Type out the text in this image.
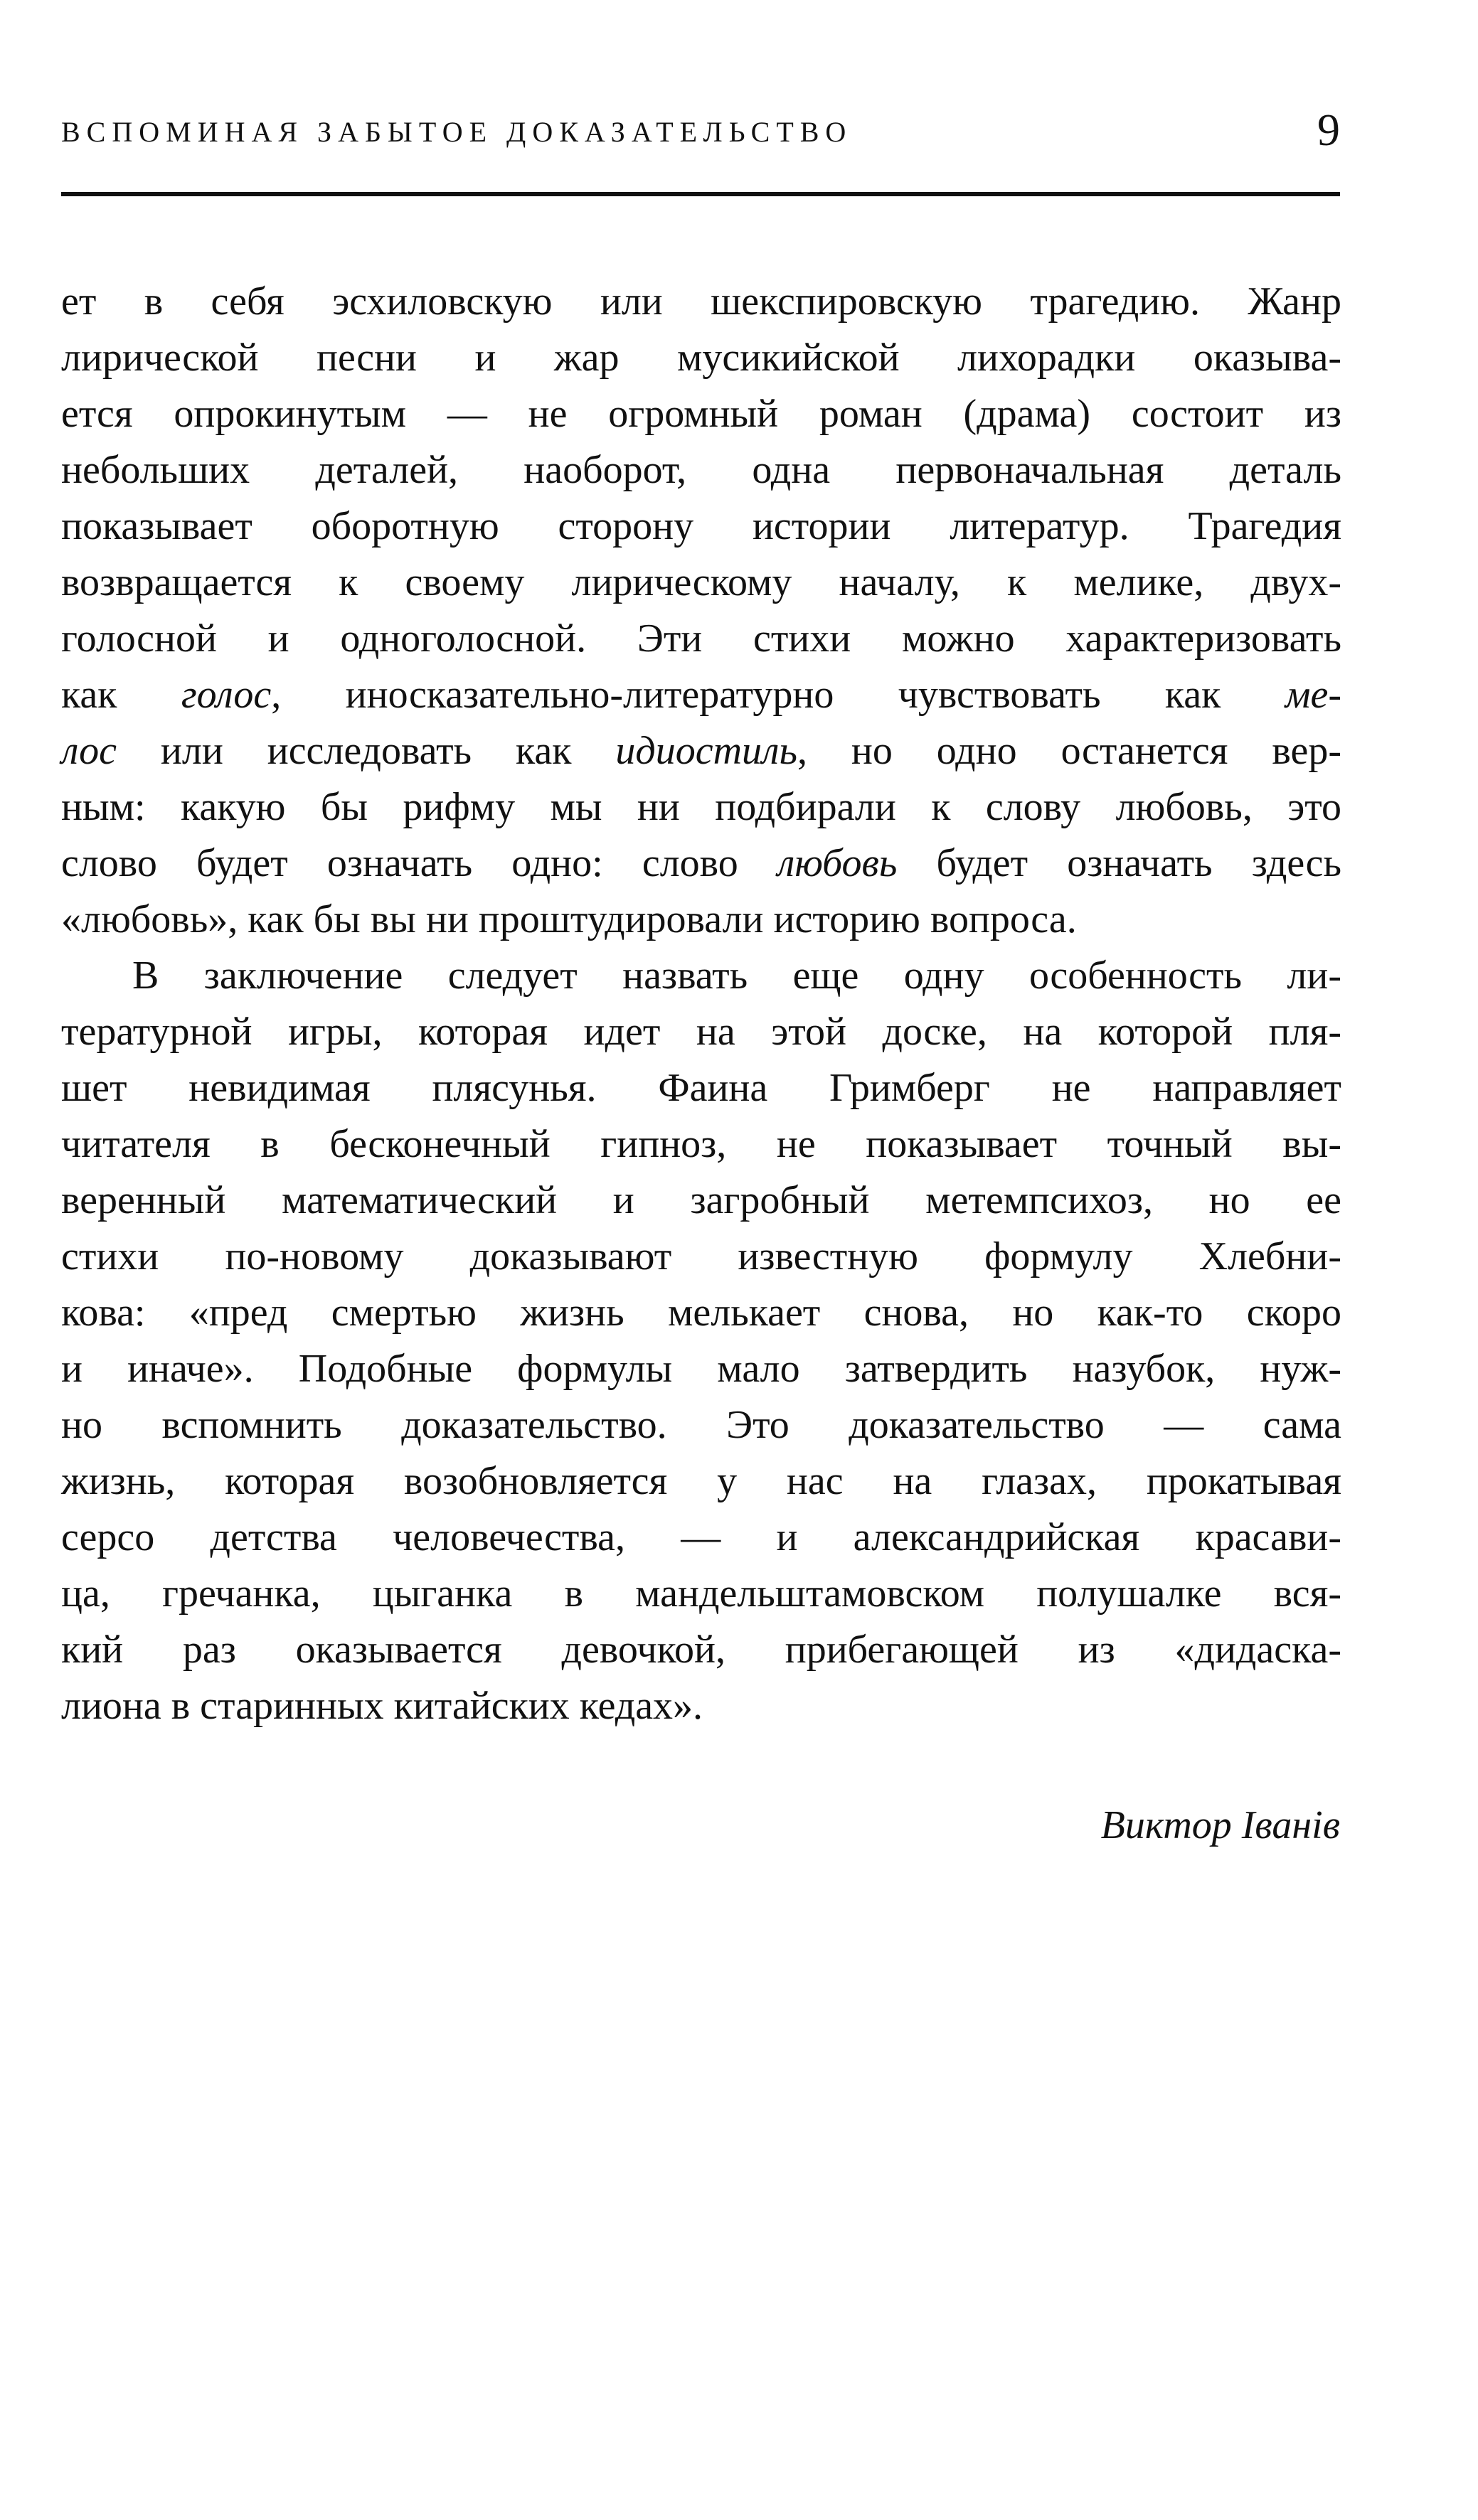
ВСПОМИНАЯ ЗАБЫТОЕ ДОКАЗАТЕЛЬСТВО	9
ет в себя эсхиловскую или шекспировскую трагедию. Жанр
лирической песни и жар мусикийской лихорадки оказыва-
ется опрокинутым — не огромный роман (драма) состоит из
небольших деталей, наоборот, одна первоначальная деталь
показывает оборотную сторону истории литератур. Трагедия
возвращается к своему лирическому началу, к мелике, двух-
голосной и одноголосной. Эти стихи можно характеризовать
как голос, иносказательно-литературно чувствовать как ме-
лос или исследовать как идиостиль, но одно останется вер-
ным: какую бы рифму мы ни подбирали к слову любовь, это
слово будет означать одно: слово любовь будет означать здесь
«любовь», как бы вы ни проштудировали историю вопроса.
В заключение следует назвать еще одну особенность ли-
тературной игры, которая идет на этой доске, на которой пля-
шет невидимая плясунья. Фаина Гримберг не направляет
читателя в бесконечный гипноз, не показывает точный вы-
веренный математический и загробный метемпсихоз, но ее
стихи по-новому доказывают известную формулу Хлебни-
кова: «пред смертью жизнь мелькает снова, но как-то скоро
и иначе». Подобные формулы мало затвердить назубок, нуж-
но вспомнить доказательство. Это доказательство — сама
жизнь, которая возобновляется у нас на глазах, прокатывая
серсо детства человечества, — и александрийская красави-
ца, гречанка, цыганка в мандельштамовском полушалке вся-
кий раз оказывается девочкой, прибегающей из «дидаска-
лиона в старинных китайских кедах».
Виктор Іванів
